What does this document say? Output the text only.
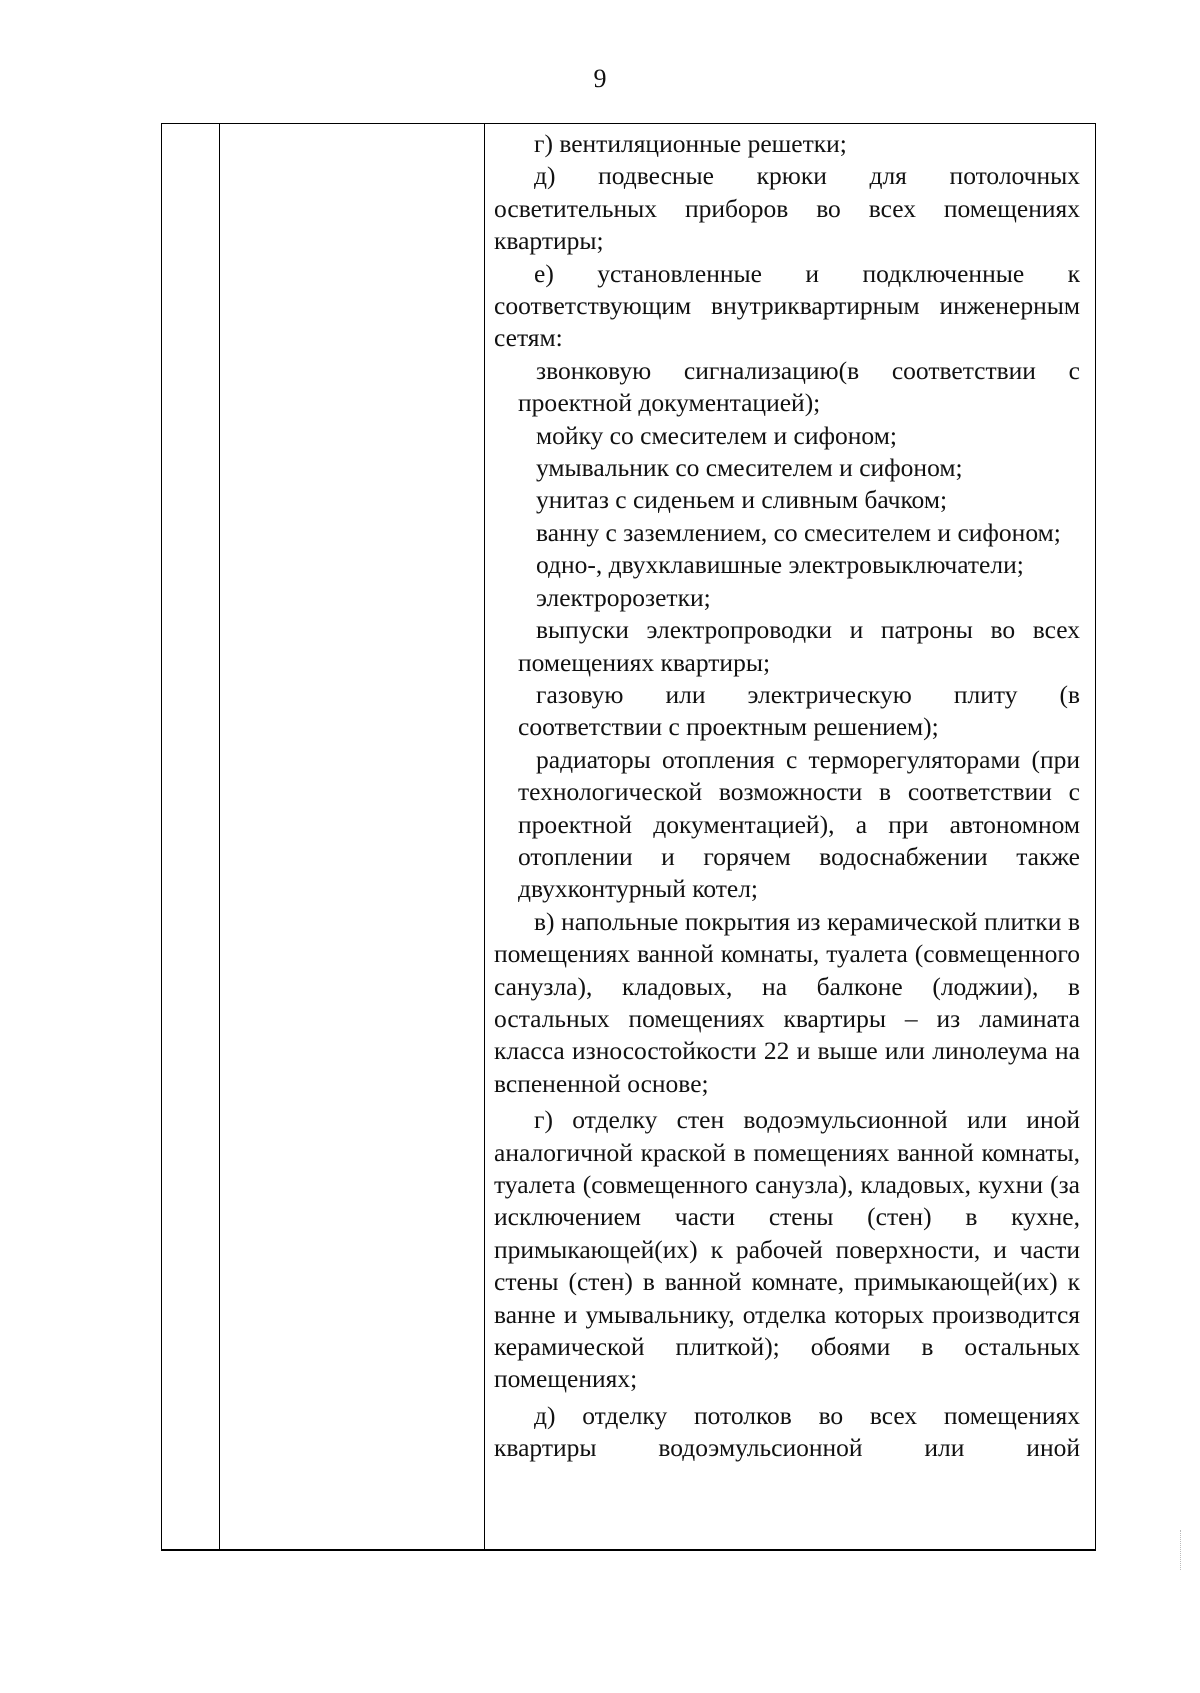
9

г) вентиляционные решетки;

д) подвесные крюки для потолочных осветительных приборов во всех помещениях квартиры;

е) установленные и подключенные к соответствующим внутриквартирным инженерным сетям:

звонковую сигнализацию(в соответствии с проектной документацией);

мойку со смесителем и сифоном;

умывальник со смесителем и сифоном;

унитаз с сиденьем и сливным бачком;

ванну с заземлением, со смесителем и сифоном;

одно-, двухклавишные электровыключатели;

электророзетки;

выпуски электропроводки и патроны во всех помещениях квартиры;

газовую или электрическую плиту (в соответствии с проектным решением);

радиаторы отопления с терморегуляторами (при технологической возможности в соответствии с проектной документацией), а при автономном отоплении и горячем водоснабжении также двухконтурный котел;

в) напольные покрытия из керамической плитки в помещениях ванной комнаты, туалета (совмещенного санузла), кладовых, на балконе (лоджии), в остальных помещениях квартиры – из ламината класса износостойкости 22 и выше или линолеума на вспененной основе;

г) отделку стен водоэмульсионной или иной аналогичной краской в помещениях ванной комнаты, туалета (совмещенного санузла), кладовых, кухни (за исключением части стены (стен) в кухне, примыкающей(их) к рабочей поверхности, и части стены (стен) в ванной комнате, примыкающей(их) к ванне и умывальнику, отделка которых производится керамической плиткой); обоями в остальных помещениях;

д) отделку потолков во всех помещениях квартиры водоэмульсионной или иной
